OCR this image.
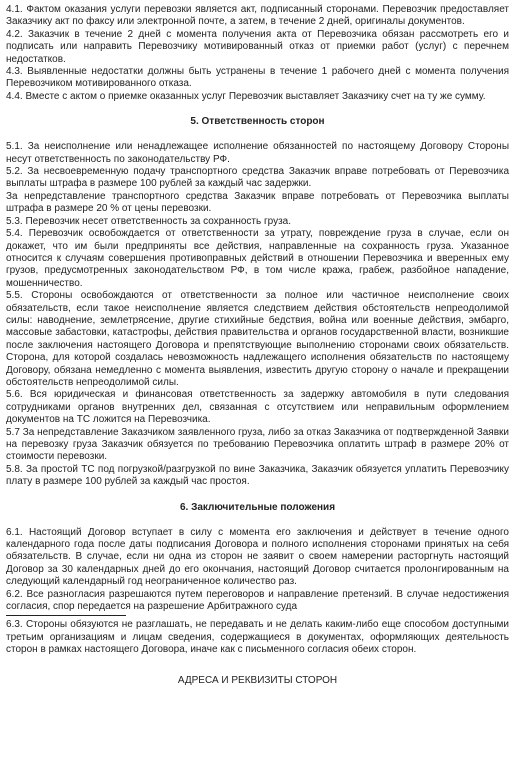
4.1. Фактом оказания услуги перевозки является акт, подписанный сторонами. Перевозчик предоставляет Заказчику акт по факсу или электронной почте, а затем, в течение 2 дней, оригиналы документов.

4.2. Заказчик в течение 2 дней с момента получения акта от Перевозчика обязан рассмотреть его и подписать или направить Перевозчику мотивированный отказ от приемки работ (услуг) с перечнем недостатков.

4.3. Выявленные недостатки должны быть устранены в течение 1 рабочего дней с момента получения Перевозчиком мотивированного отказа.

4.4. Вместе с актом о приемке оказанных услуг Перевозчик выставляет Заказчику счет на ту же сумму.

5. Ответственность сторон

5.1. За неисполнение или ненадлежащее исполнение обязанностей по настоящему Договору Стороны несут ответственность по законодательству РФ.

5.2. За несвоевременную подачу транспортного средства Заказчик вправе потребовать от Перевозчика выплаты штрафа в размере 100 рублей за каждый час задержки.

За непредставление транспортного средства Заказчик вправе потребовать от Перевозчика выплаты штрафа в размере 20 % от цены перевозки.

5.3. Перевозчик несет ответственность за сохранность груза.

5.4. Перевозчик освобождается от ответственности за утрату, повреждение груза в случае, если он докажет, что им были предприняты все действия, направленные на сохранность груза. Указанное относится к случаям совершения противоправных действий в отношении Перевозчика и вверенных ему грузов, предусмотренных законодательством РФ, в том числе кража, грабеж, разбойное нападение, мошенничество.

5.5. Стороны освобождаются от ответственности за полное или частичное неисполнение своих обязательств, если такое неисполнение является следствием действия обстоятельств непреодолимой силы: наводнение, землетрясение, другие стихийные бедствия, война или военные действия, эмбарго, массовые забастовки, катастрофы, действия правительства и органов государственной власти, возникшие после заключения настоящего Договора и препятствующие выполнению сторонами своих обязательств. Сторона, для которой создалась невозможность надлежащего исполнения обязательств по настоящему Договору, обязана немедленно с момента выявления, известить другую сторону о начале и прекращении обстоятельств непреодолимой силы.

5.6. Вся юридическая и финансовая ответственность за задержку автомобиля в пути следования сотрудниками органов внутренних дел, связанная с отсутствием или неправильным оформлением документов на ТС ложится на Перевозчика.

5.7 За непредставление Заказчиком заявленного груза, либо за отказ Заказчика от подтвержденной Заявки на перевозку груза Заказчик обязуется по требованию Перевозчика оплатить штраф в размере 20% от стоимости перевозки.

5.8. За простой ТС под погрузкой/разгрузкой по вине Заказчика, Заказчик обязуется уплатить Перевозчику плату в размере 100 рублей за каждый час простоя.

6. Заключительные положения

6.1. Настоящий Договор вступает в силу с момента его заключения и действует в течение одного календарного года после даты подписания Договора и полного исполнения сторонами принятых на себя обязательств. В случае, если ни одна из сторон не заявит о своем намерении расторгнуть настоящий Договор за 30 календарных дней до его окончания, настоящий Договор считается пролонгированным на следующий календарный год неограниченное количество раз.

6.2. Все разногласия разрешаются путем переговоров и направление претензий. В случае недостижения согласия, спор передается на разрешение Арбитражного суда

6.3. Стороны обязуются не разглашать, не передавать и не делать каким-либо еще способом доступными третьим организациям и лицам сведения, содержащиеся в документах, оформляющих деятельность сторон в рамках настоящего Договора, иначе как с письменного согласия обеих сторон.

АДРЕСА И РЕКВИЗИТЫ СТОРОН
